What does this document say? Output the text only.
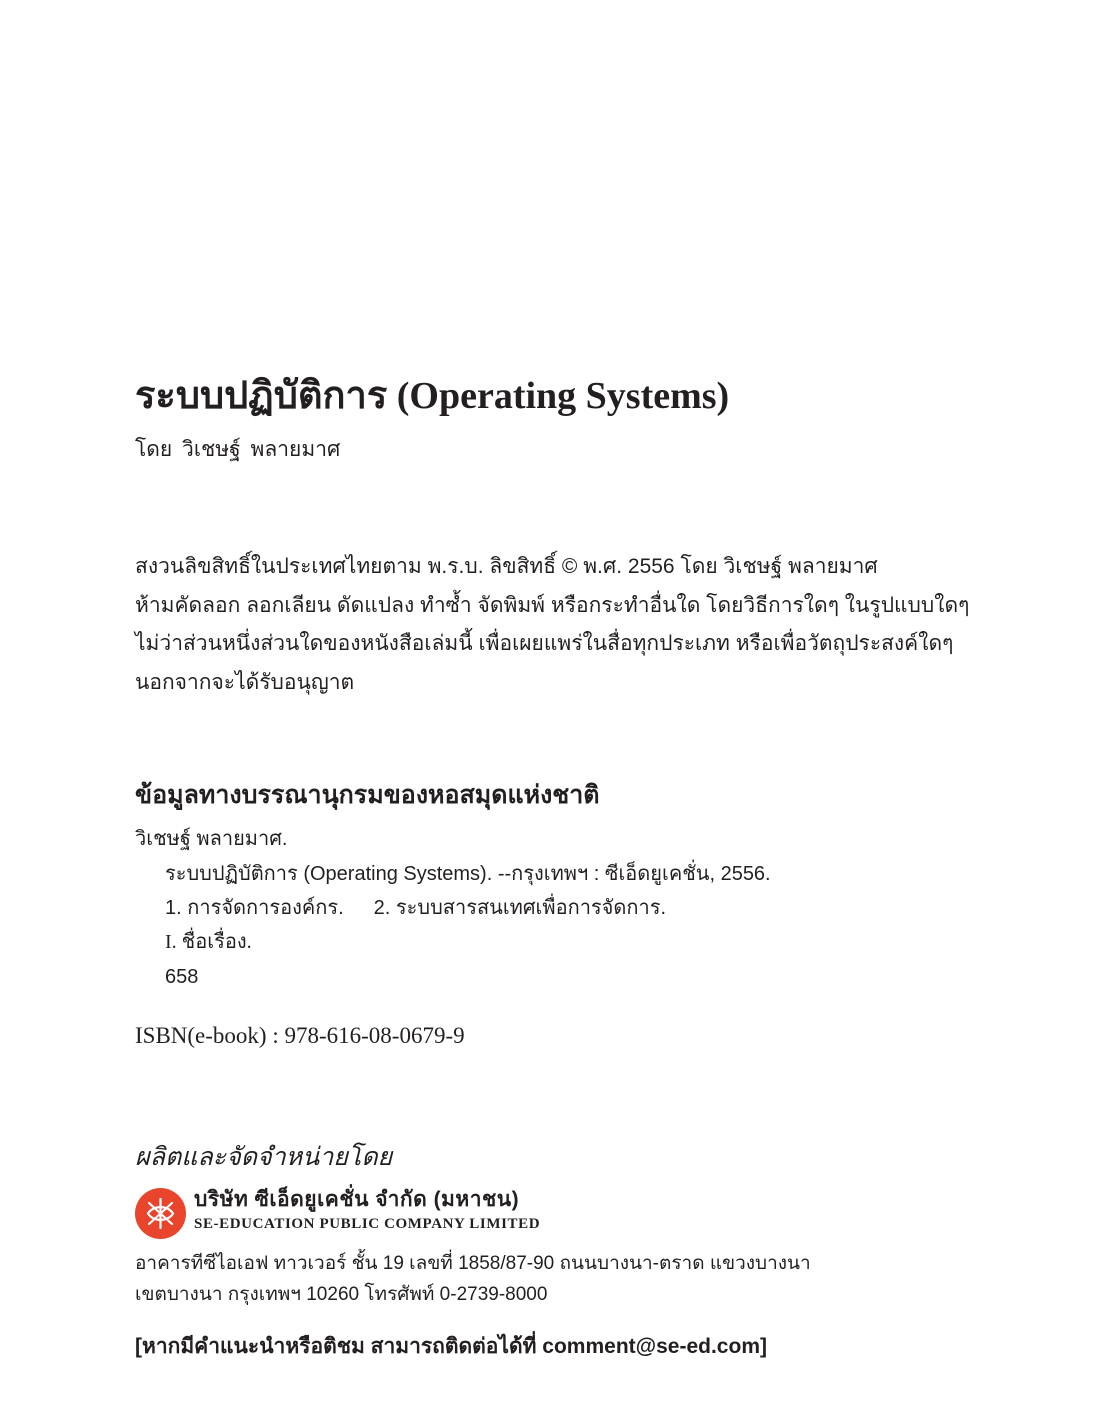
ระบบปฏิบัติการ (Operating Systems)
โดย วิเชษฐ์ พลายมาศ
สงวนลิขสิทธิ์ในประเทศไทยตาม พ.ร.บ. ลิขสิทธิ์ © พ.ศ. 2556 โดย วิเชษฐ์ พลายมาศ
ห้ามคัดลอก ลอกเลียน ดัดแปลง ทำซ้ำ จัดพิมพ์ หรือกระทำอื่นใด โดยวิธีการใดๆ ในรูปแบบใดๆ
ไม่ว่าส่วนหนึ่งส่วนใดของหนังสือเล่มนี้ เพื่อเผยแพร่ในสื่อทุกประเภท หรือเพื่อวัตถุประสงค์ใดๆ
นอกจากจะได้รับอนุญาต
ข้อมูลทางบรรณานุกรมของหอสมุดแห่งชาติ
วิเชษฐ์ พลายมาศ.
ระบบปฏิบัติการ (Operating Systems). --กรุงเทพฯ : ซีเอ็ดยูเคชั่น, 2556.
1. การจัดการองค์กร. 2. ระบบสารสนเทศเพื่อการจัดการ.
I. ชื่อเรื่อง.
658
ISBN(e-book) : 978-616-08-0679-9
ผลิตและจัดจำหน่ายโดย
บริษัท ซีเอ็ดยูเคชั่น จำกัด (มหาชน)
SE-EDUCATION PUBLIC COMPANY LIMITED
อาคารทีซีไอเอฟ ทาวเวอร์ ชั้น 19 เลขที่ 1858/87-90 ถนนบางนา-ตราด แขวงบางนา
เขตบางนา กรุงเทพฯ 10260 โทรศัพท์ 0-2739-8000
[หากมีคำแนะนำหรือติชม สามารถติดต่อได้ที่ comment@se-ed.com]
